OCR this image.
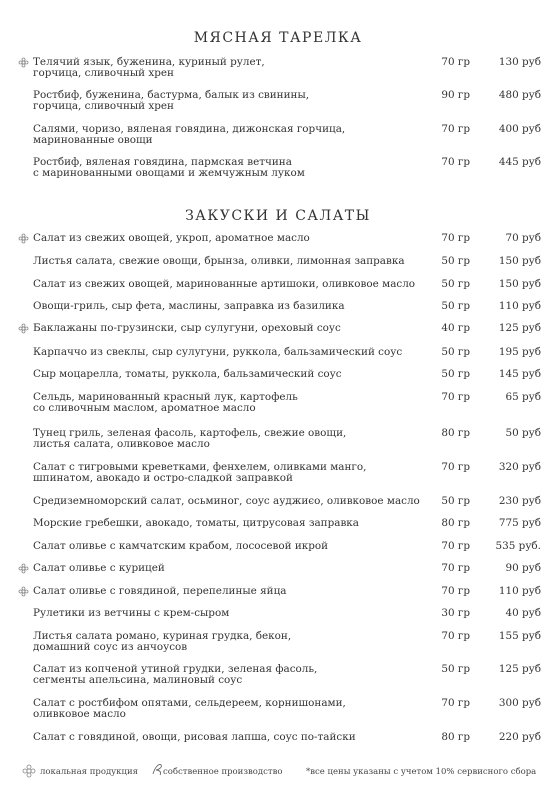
МЯСНАЯ ТАРЕЛКА
Телячий язык, буженина, куриный рулет,
горчица, сливочный хрен
70 гр	130 руб
Ростбиф, буженина, бастурма, балык из свинины,
горчица, сливочный хрен
90 гр	480 руб
Салями, чоризо, вяленая говядина, дижонская горчица,
маринованные овощи
70 гр	400 руб
Ростбиф, вяленая говядина, пармская ветчина
с маринованными овощами и жемчужным луком
70 гр	445 руб
ЗАКУСКИ И САЛАТЫ
Салат из свежих овощей, укроп, ароматное масло	70 гр	70 руб
Листья салата, свежие овощи, брынза, оливки, лимонная заправка	50 гр	150 руб
Салат из свежих овощей, маринованные артишоки, оливковое масло	50 гр	150 руб
Овощи-гриль, сыр фета, маслины, заправка из базилика	50 гр	110 руб
Баклажаны по-грузински, сыр сулугуни, ореховый соус	40 гр	125 руб
Карпаччо из свеклы, сыр сулугуни, руккола, бальзамический соус	50 гр	195 руб
Сыр моцарелла, томаты, руккола, бальзамический соус	50 гр	145 руб
Сельдь, маринованный красный лук, картофель
со сливочным маслом, ароматное масло
70 гр	65 руб
Тунец гриль, зеленая фасоль, картофель, свежие овощи,
листья салата, оливковое масло
80 гр	50 руб
Салат с тигровыми креветками, фенхелем, оливками манго,
шпинатом, авокадо и остро-сладкой заправкой
70 гр	320 руб
Средиземноморский салат, осьминог, соус ауджиєо, оливковое масло	50 гр	230 руб
Морские гребешки, авокадо, томаты, цитрусовая заправка	80 гр	775 руб
Салат оливье с камчатским крабом, лососевой икрой	70 гр	535 руб.
Салат оливье с курицей	70 гр	90 руб
Салат оливье с говядиной, перепелиные яйца	70 гр	110 руб
Рулетики из ветчины с крем-сыром	30 гр	40 руб
Листья салата романо, куриная грудка, бекон,
домашний соус из анчоусов
70 гр	155 руб
Салат из копченой утиной грудки, зеленая фасоль,
сегменты апельсина, малиновый соус
50 гр	125 руб
Салат с ростбифом опятами, сельдереем, корнишонами,
оливковое масло
70 гр	300 руб
Салат с говядиной, овощи, рисовая лапша, соус по-тайски	80 гр	220 руб
локальная продукция	собственное производство	*все цены указаны с учетом 10% сервисного сбора
